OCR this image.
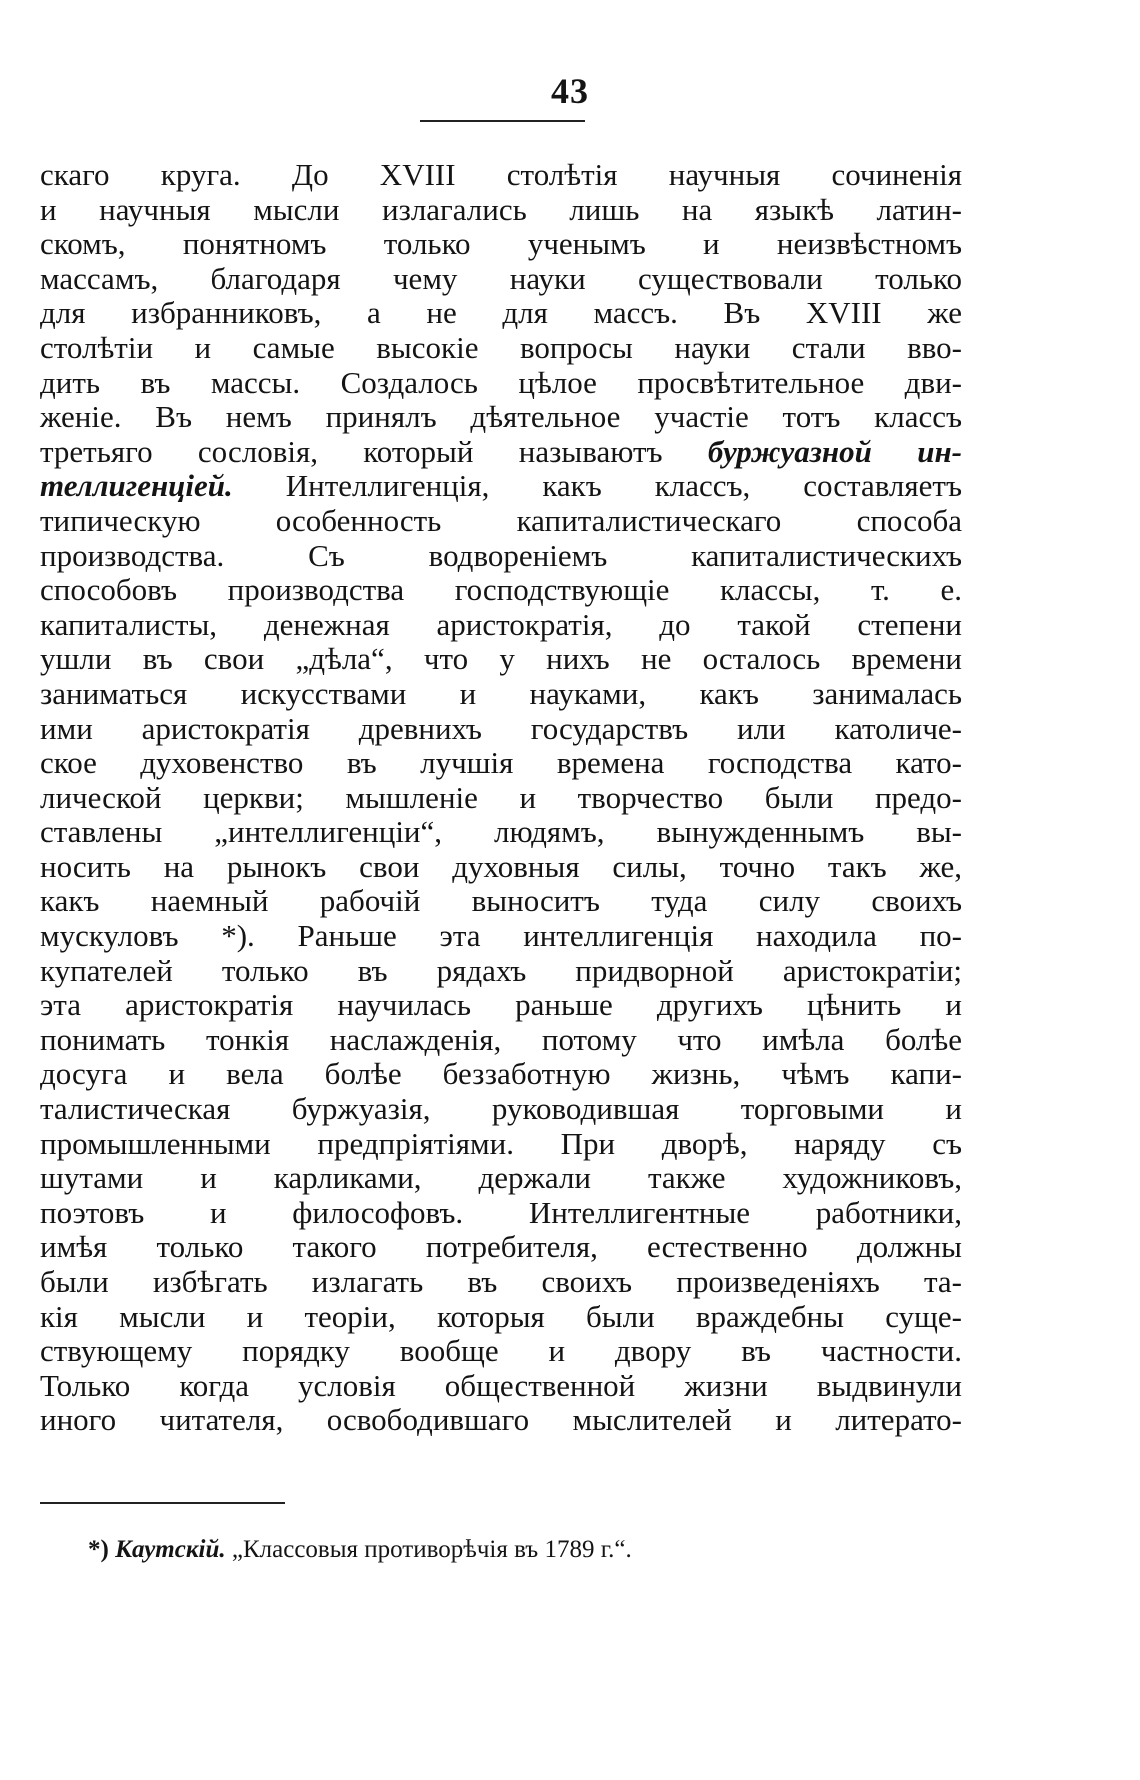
43
скаго круга. До XVIII столѣтія научныя сочиненія
и научныя мысли излагались лишь на языкѣ латин-
скомъ, понятномъ только ученымъ и неизвѣстномъ
массамъ, благодаря чему науки существовали только
для избранниковъ, а не для массъ. Въ XVIII же
столѣтіи и самые высокіе вопросы науки стали вво-
дить въ массы. Создалось цѣлое просвѣтительное дви-
женіе. Въ немъ принялъ дѣятельное участіе тотъ классъ
третьяго сословія, который называютъ буржуазной ин-
теллигенціей. Интеллигенція, какъ классъ, составляетъ
типическую особенность капиталистическаго способа
производства. Съ водвореніемъ капиталистическихъ
способовъ производства господствующіе классы, т. е.
капиталисты, денежная аристократія, до такой степени
ушли въ свои „дѣла“, что у нихъ не осталось времени
заниматься искусствами и науками, какъ занималась
ими аристократія древнихъ государствъ или католиче-
ское духовенство въ лучшія времена господства като-
лической церкви; мышленіе и творчество были предо-
ставлены „интеллигенціи“, людямъ, вынужденнымъ вы-
носить на рынокъ свои духовныя силы, точно такъ же,
какъ наемный рабочій выноситъ туда силу своихъ
мускуловъ *). Раньше эта интеллигенція находила по-
купателей только въ рядахъ придворной аристократіи;
эта аристократія научилась раньше другихъ цѣнить и
понимать тонкія наслажденія, потому что имѣла болѣе
досуга и вела болѣе беззаботную жизнь, чѣмъ капи-
талистическая буржуазія, руководившая торговыми и
промышленными предпріятіями. При дворѣ, наряду съ
шутами и карликами, держали также художниковъ,
поэтовъ и философовъ. Интеллигентные работники,
имѣя только такого потребителя, естественно должны
были избѣгать излагать въ своихъ произведеніяхъ та-
кія мысли и теоріи, которыя были враждебны суще-
ствующему порядку вообще и двору въ частности.
Только когда условія общественной жизни выдвинули
иного читателя, освободившаго мыслителей и литерато-
*) Каутскій. „Классовыя противорѣчія въ 1789 г.“.
